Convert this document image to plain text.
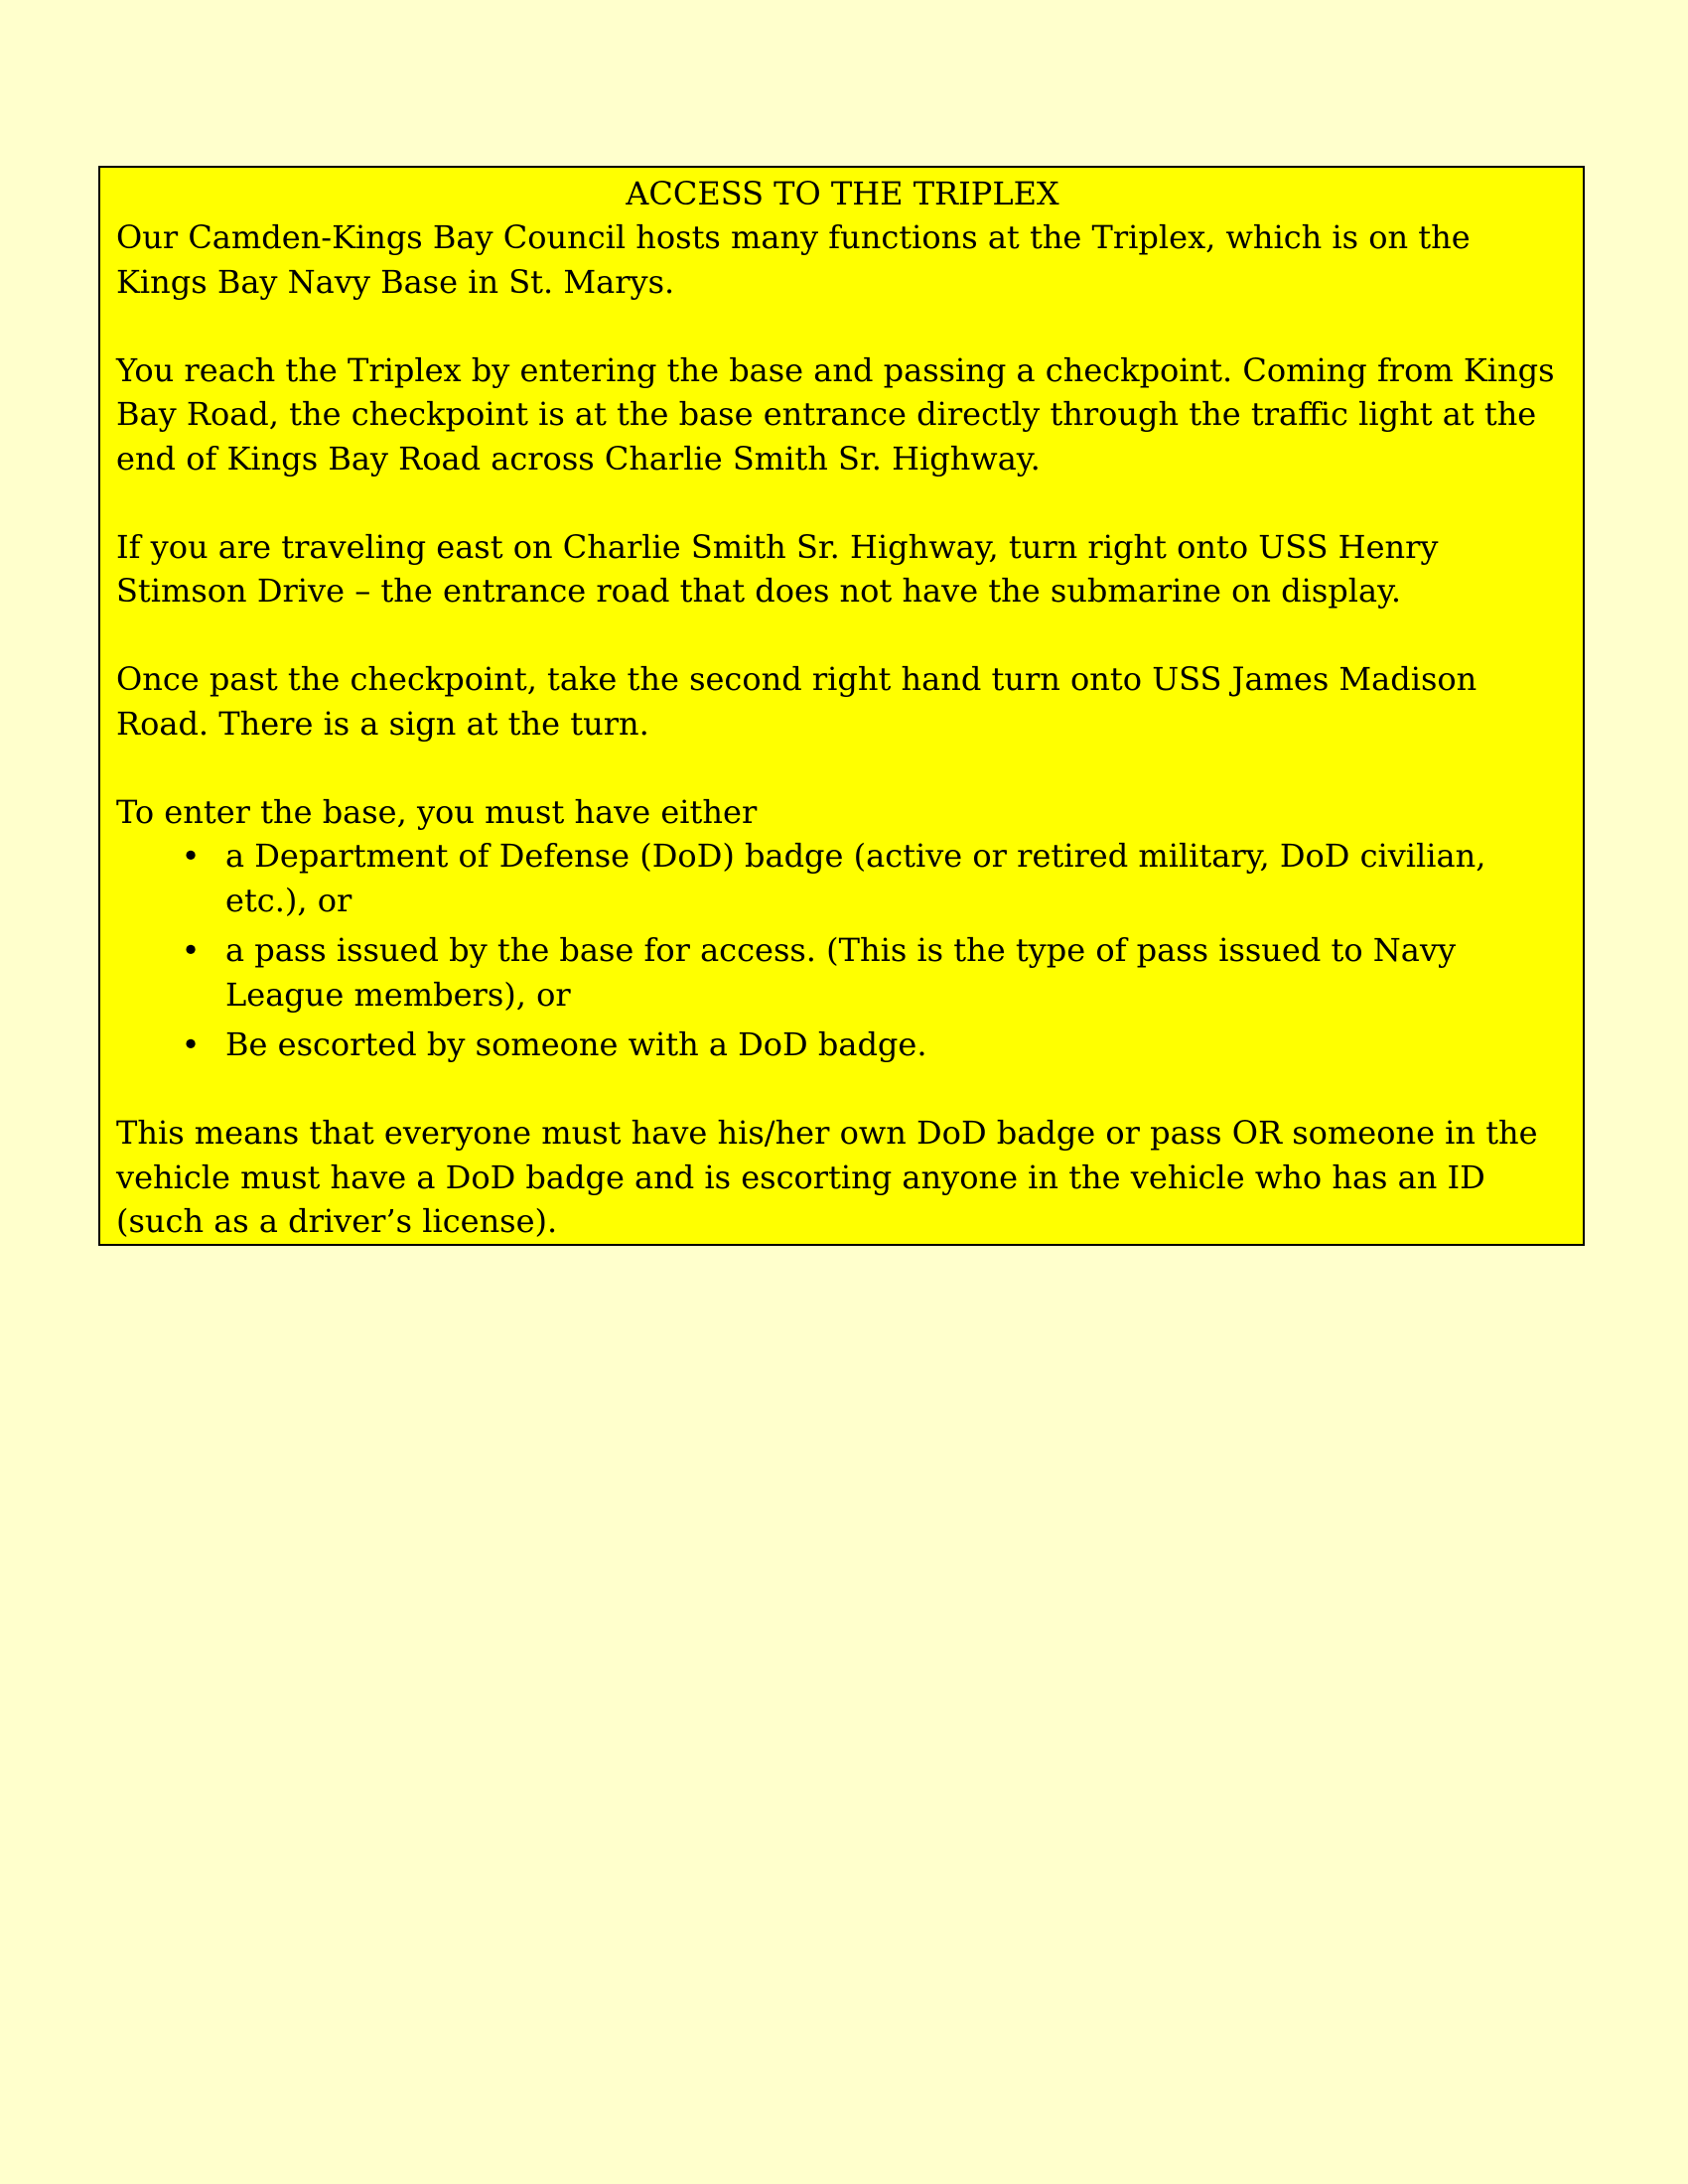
ACCESS TO THE TRIPLEX

Our Camden-Kings Bay Council hosts many functions at the Triplex, which is on the Kings Bay Navy Base in St. Marys.

You reach the Triplex by entering the base and passing a checkpoint. Coming from Kings Bay Road, the checkpoint is at the base entrance directly through the traffic light at the end of Kings Bay Road across Charlie Smith Sr. Highway.

If you are traveling east on Charlie Smith Sr. Highway, turn right onto USS Henry Stimson Drive – the entrance road that does not have the submarine on display.

Once past the checkpoint, take the second right hand turn onto USS James Madison Road. There is a sign at the turn.

To enter the base, you must have either

• a Department of Defense (DoD) badge (active or retired military, DoD civilian, etc.), or
• a pass issued by the base for access. (This is the type of pass issued to Navy League members), or
• Be escorted by someone with a DoD badge.

This means that everyone must have his/her own DoD badge or pass OR someone in the vehicle must have a DoD badge and is escorting anyone in the vehicle who has an ID (such as a driver’s license).
